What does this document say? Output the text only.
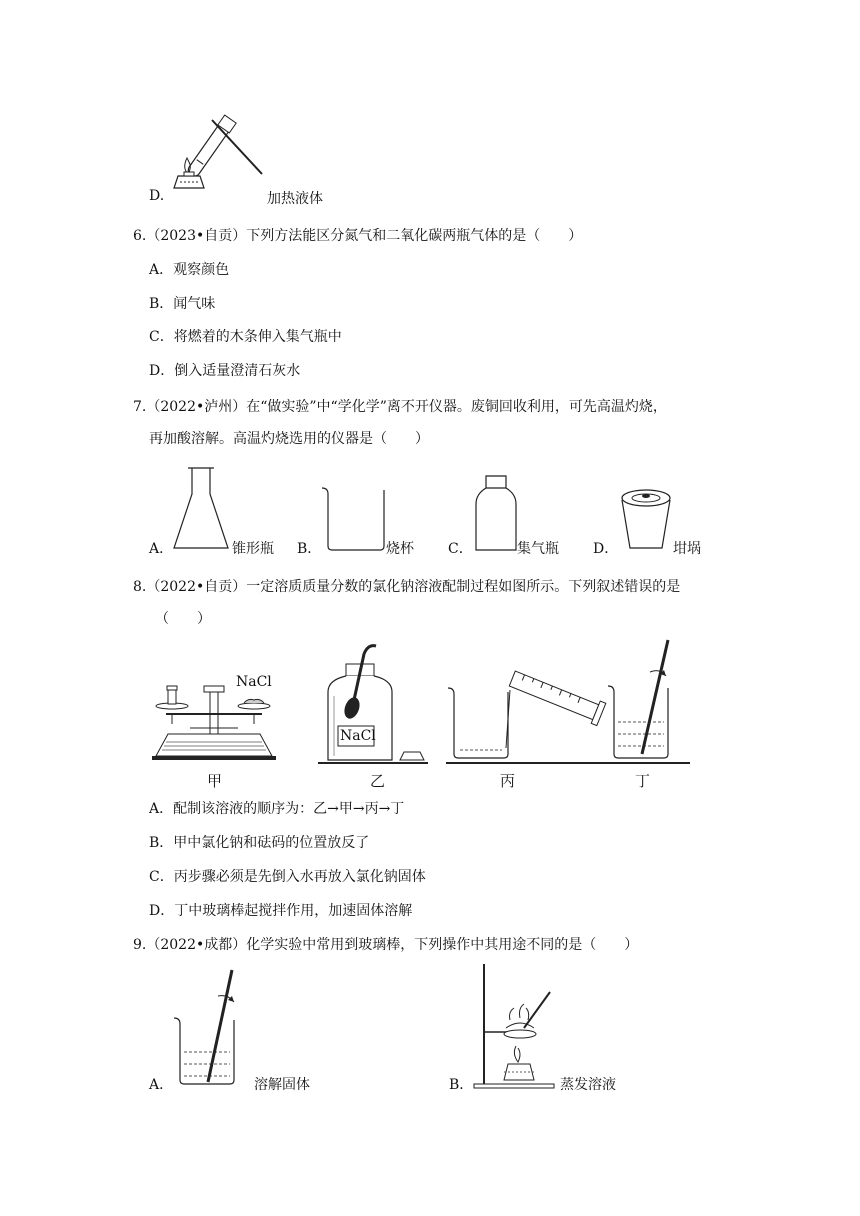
D.	加热液体
6.（2023•自贡）下列方法能区分氮气和二氧化碳两瓶气体的是（　　）
A．观察颜色
B．闻气味
C．将燃着的木条伸入集气瓶中
D．倒入适量澄清石灰水
7.（2022•泸州）在“做实验”中“学化学”离不开仪器。废铜回收利用，可先高温灼烧，
再加酸溶解。高温灼烧选用的仪器是（　　）
A．	锥形瓶 B．	烧杯 C．	集气瓶 D．	坩埚
8.（2022•自贡）一定溶质质量分数的氯化钠溶液配制过程如图所示。下列叙述错误的是
（　　）
NaCl
甲
NaCl
乙	丙	丁
A．配制该溶液的顺序为：乙→甲→丙→丁
B．甲中氯化钠和砝码的位置放反了
C．丙步骤必须是先倒入水再放入氯化钠固体
D．丁中玻璃棒起搅拌作用，加速固体溶解
9.（2022•成都）化学实验中常用到玻璃棒，下列操作中其用途不同的是（　　）
A．	溶解固体	B．	蒸发溶液
